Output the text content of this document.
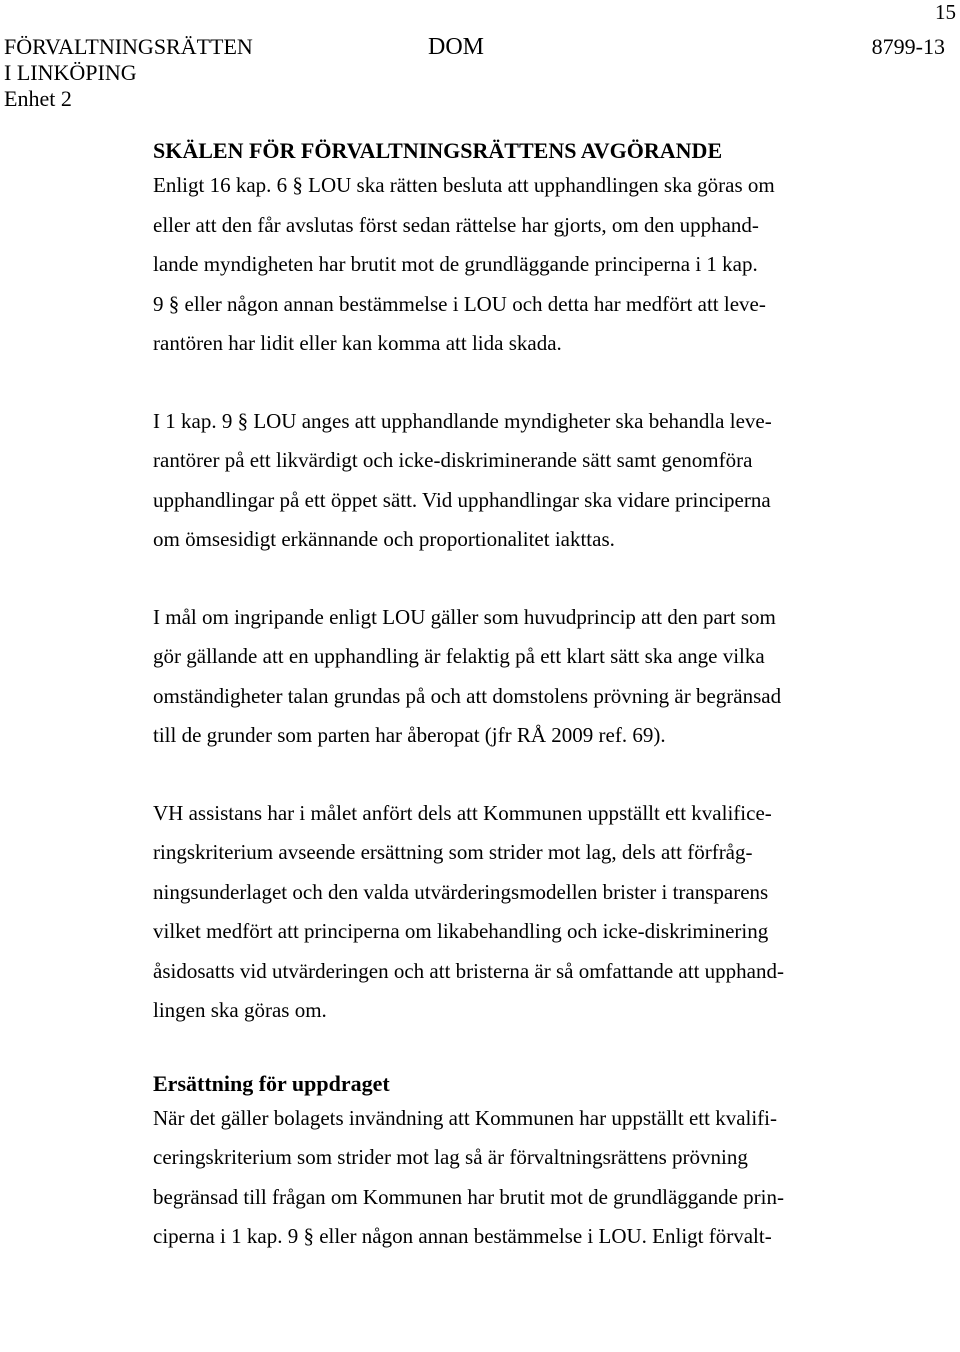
15
FÖRVALTNINGSRÄTTEN
I LINKÖPING
Enhet 2
DOM	8799-13
SKÄLEN FÖR FÖRVALTNINGSRÄTTENS AVGÖRANDE

Enligt 16 kap. 6 § LOU ska rätten besluta att upphandlingen ska göras om
eller att den får avslutas först sedan rättelse har gjorts, om den upphand-
lande myndigheten har brutit mot de grundläggande principerna i 1 kap.
9 § eller någon annan bestämmelse i LOU och detta har medfört att leve-
rantören har lidit eller kan komma att lida skada.

I 1 kap. 9 § LOU anges att upphandlande myndigheter ska behandla leve-
rantörer på ett likvärdigt och icke-diskriminerande sätt samt genomföra
upphandlingar på ett öppet sätt. Vid upphandlingar ska vidare principerna
om ömsesidigt erkännande och proportionalitet iakttas.

I mål om ingripande enligt LOU gäller som huvudprincip att den part som
gör gällande att en upphandling är felaktig på ett klart sätt ska ange vilka
omständigheter talan grundas på och att domstolens prövning är begränsad
till de grunder som parten har åberopat (jfr RÅ 2009 ref. 69).

VH assistans har i målet anfört dels att Kommunen uppställt ett kvalifice-
ringskriterium avseende ersättning som strider mot lag, dels att förfråg-
ningsunderlaget och den valda utvärderingsmodellen brister i transparens
vilket medfört att principerna om likabehandling och icke-diskriminering
åsidosatts vid utvärderingen och att bristerna är så omfattande att upphand-
lingen ska göras om.

Ersättning för uppdraget

När det gäller bolagets invändning att Kommunen har uppställt ett kvalifi-
ceringskriterium som strider mot lag så är förvaltningsrättens prövning
begränsad till frågan om Kommunen har brutit mot de grundläggande prin-
ciperna i 1 kap. 9 § eller någon annan bestämmelse i LOU. Enligt förvalt-
